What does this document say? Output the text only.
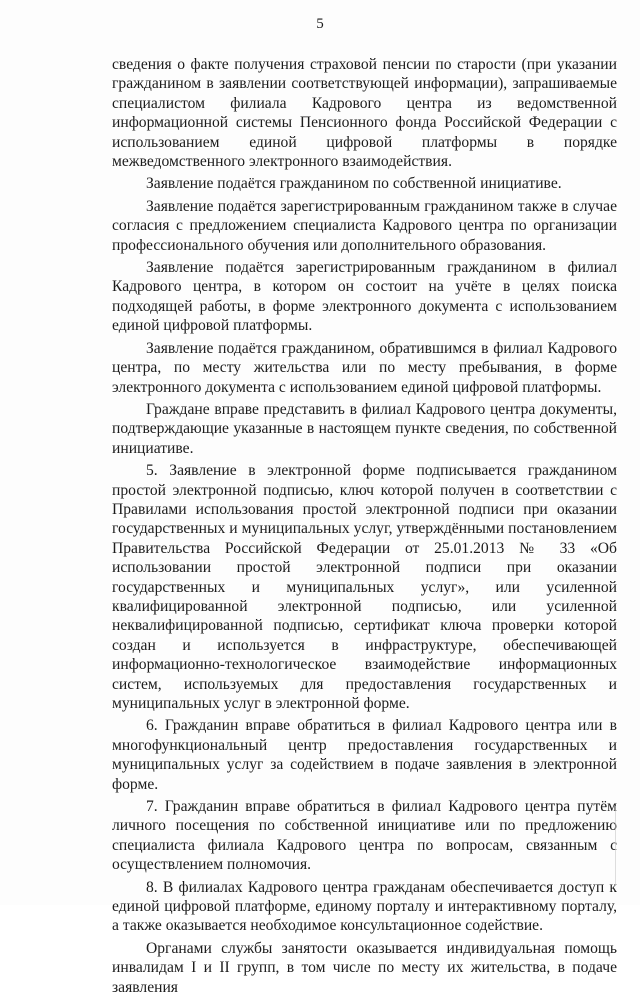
5

сведения о факте получения страховой пенсии по старости (при указании гражданином в заявлении соответствующей информации), запрашиваемые специалистом филиала Кадрового центра из ведомственной информационной системы Пенсионного фонда Российской Федерации с использованием единой цифровой платформы в порядке межведомственного электронного взаимодействия.

Заявление подаётся гражданином по собственной инициативе.

Заявление подаётся зарегистрированным гражданином также в случае согласия с предложением специалиста Кадрового центра по организации профессионального обучения или дополнительного образования.

Заявление подаётся зарегистрированным гражданином в филиал Кадрового центра, в котором он состоит на учёте в целях поиска подходящей работы, в форме электронного документа с использованием единой цифровой платформы.

Заявление подаётся гражданином, обратившимся в филиал Кадрового центра, по месту жительства или по месту пребывания, в форме электронного документа с использованием единой цифровой платформы.

Граждане вправе представить в филиал Кадрового центра документы, подтверждающие указанные в настоящем пункте сведения, по собственной инициативе.

5. Заявление в электронной форме подписывается гражданином простой электронной подписью, ключ которой получен в соответствии с Правилами использования простой электронной подписи при оказании государственных и муниципальных услуг, утверждёнными постановлением Правительства Российской Федерации от 25.01.2013 № 33 «Об использовании простой электронной подписи при оказании государственных и муниципальных услуг», или усиленной квалифицированной электронной подписью, или усиленной неквалифицированной подписью, сертификат ключа проверки которой создан и используется в инфраструктуре, обеспечивающей информационно-технологическое взаимодействие информационных систем, используемых для предоставления государственных и муниципальных услуг в электронной форме.

6. Гражданин вправе обратиться в филиал Кадрового центра или в многофункциональный центр предоставления государственных и муниципальных услуг за содействием в подаче заявления в электронной форме.

7. Гражданин вправе обратиться в филиал Кадрового центра путём личного посещения по собственной инициативе или по предложению специалиста филиала Кадрового центра по вопросам, связанным с осуществлением полномочия.

8. В филиалах Кадрового центра гражданам обеспечивается доступ к единой цифровой платформе, единому порталу и интерактивному порталу, а также оказывается необходимое консультационное содействие.

Органами службы занятости оказывается индивидуальная помощь инвалидам I и II групп, в том числе по месту их жительства, в подаче заявления
